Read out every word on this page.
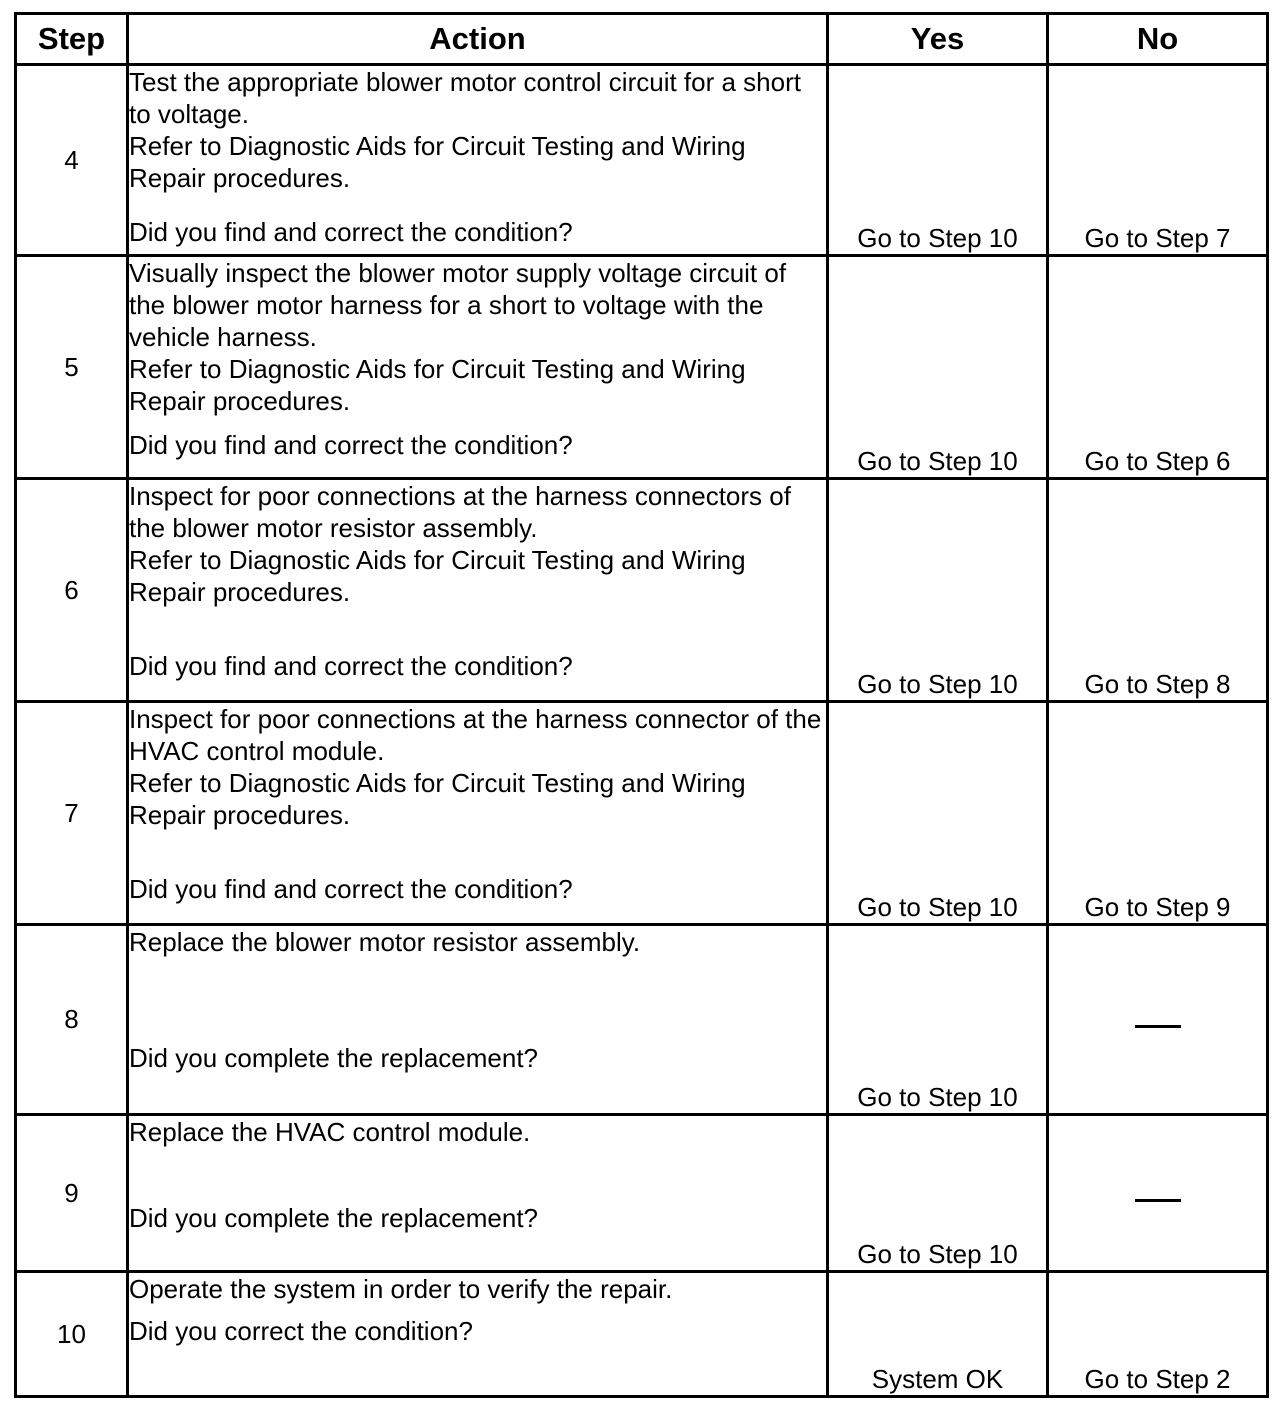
Step	Action	Yes	No
4	Test the appropriate blower motor control circuit for a short to voltage.
Refer to Diagnostic Aids for Circuit Testing and Wiring Repair procedures.
Did you find and correct the condition?	Go to Step 10	Go to Step 7
5	Visually inspect the blower motor supply voltage circuit of the blower motor harness for a short to voltage with the vehicle harness.
Refer to Diagnostic Aids for Circuit Testing and Wiring Repair procedures.
Did you find and correct the condition?	Go to Step 10	Go to Step 6
6	Inspect for poor connections at the harness connectors of the blower motor resistor assembly.
Refer to Diagnostic Aids for Circuit Testing and Wiring Repair procedures.
Did you find and correct the condition?	Go to Step 10	Go to Step 8
7	Inspect for poor connections at the harness connector of the HVAC control module.
Refer to Diagnostic Aids for Circuit Testing and Wiring Repair procedures.
Did you find and correct the condition?	Go to Step 10	Go to Step 9
8	Replace the blower motor resistor assembly.
Did you complete the replacement?	Go to Step 10	
9	Replace the HVAC control module.
Did you complete the replacement?	Go to Step 10	
10	Operate the system in order to verify the repair.
Did you correct the condition?	System OK	Go to Step 2
